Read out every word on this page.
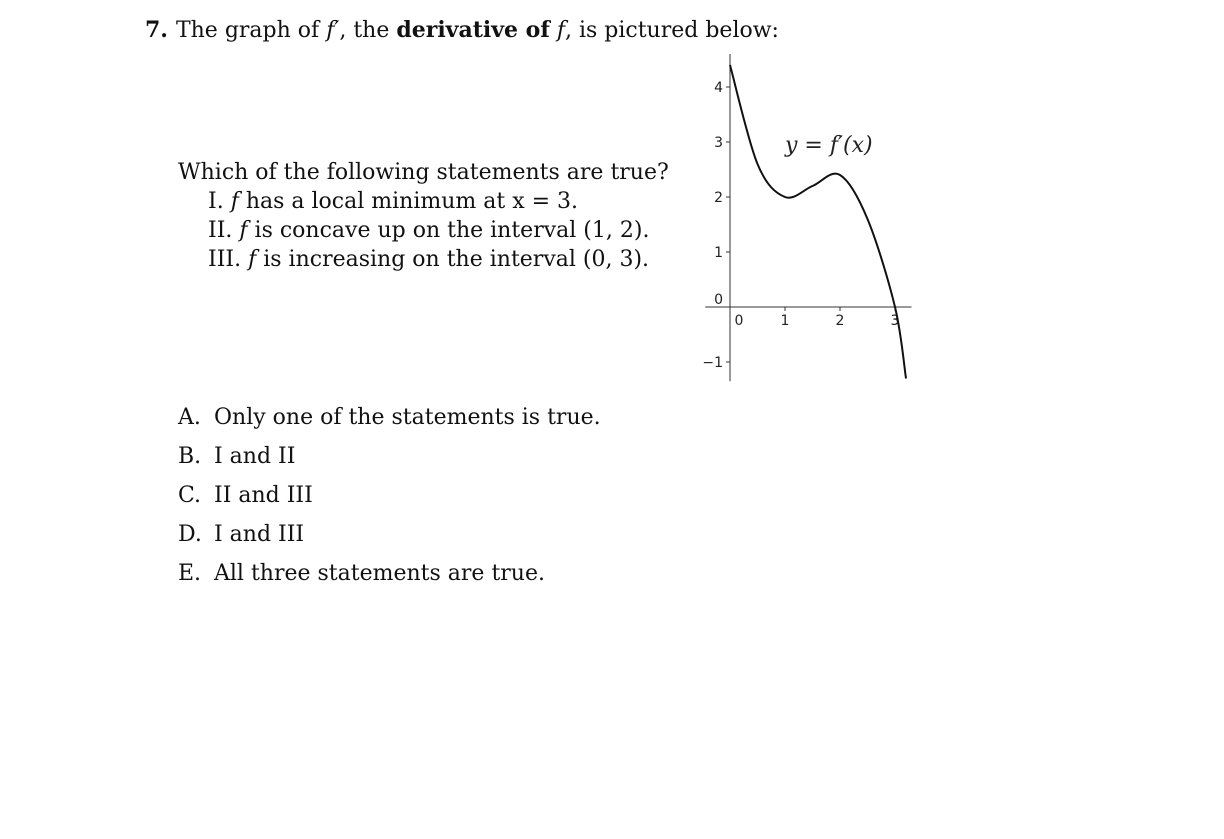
7. The graph of f′, the derivative of f, is pictured below:
Which of the following statements are true?
I. f has a local minimum at x = 3.
II. f is concave up on the interval (1, 2).
III. f is increasing on the interval (0, 3).
A. Only one of the statements is true.
B. I and II
C. II and III
D. I and III
E. All three statements are true.
4
3
2
1
0
−1
0	1	2	3
y = f′(x)
